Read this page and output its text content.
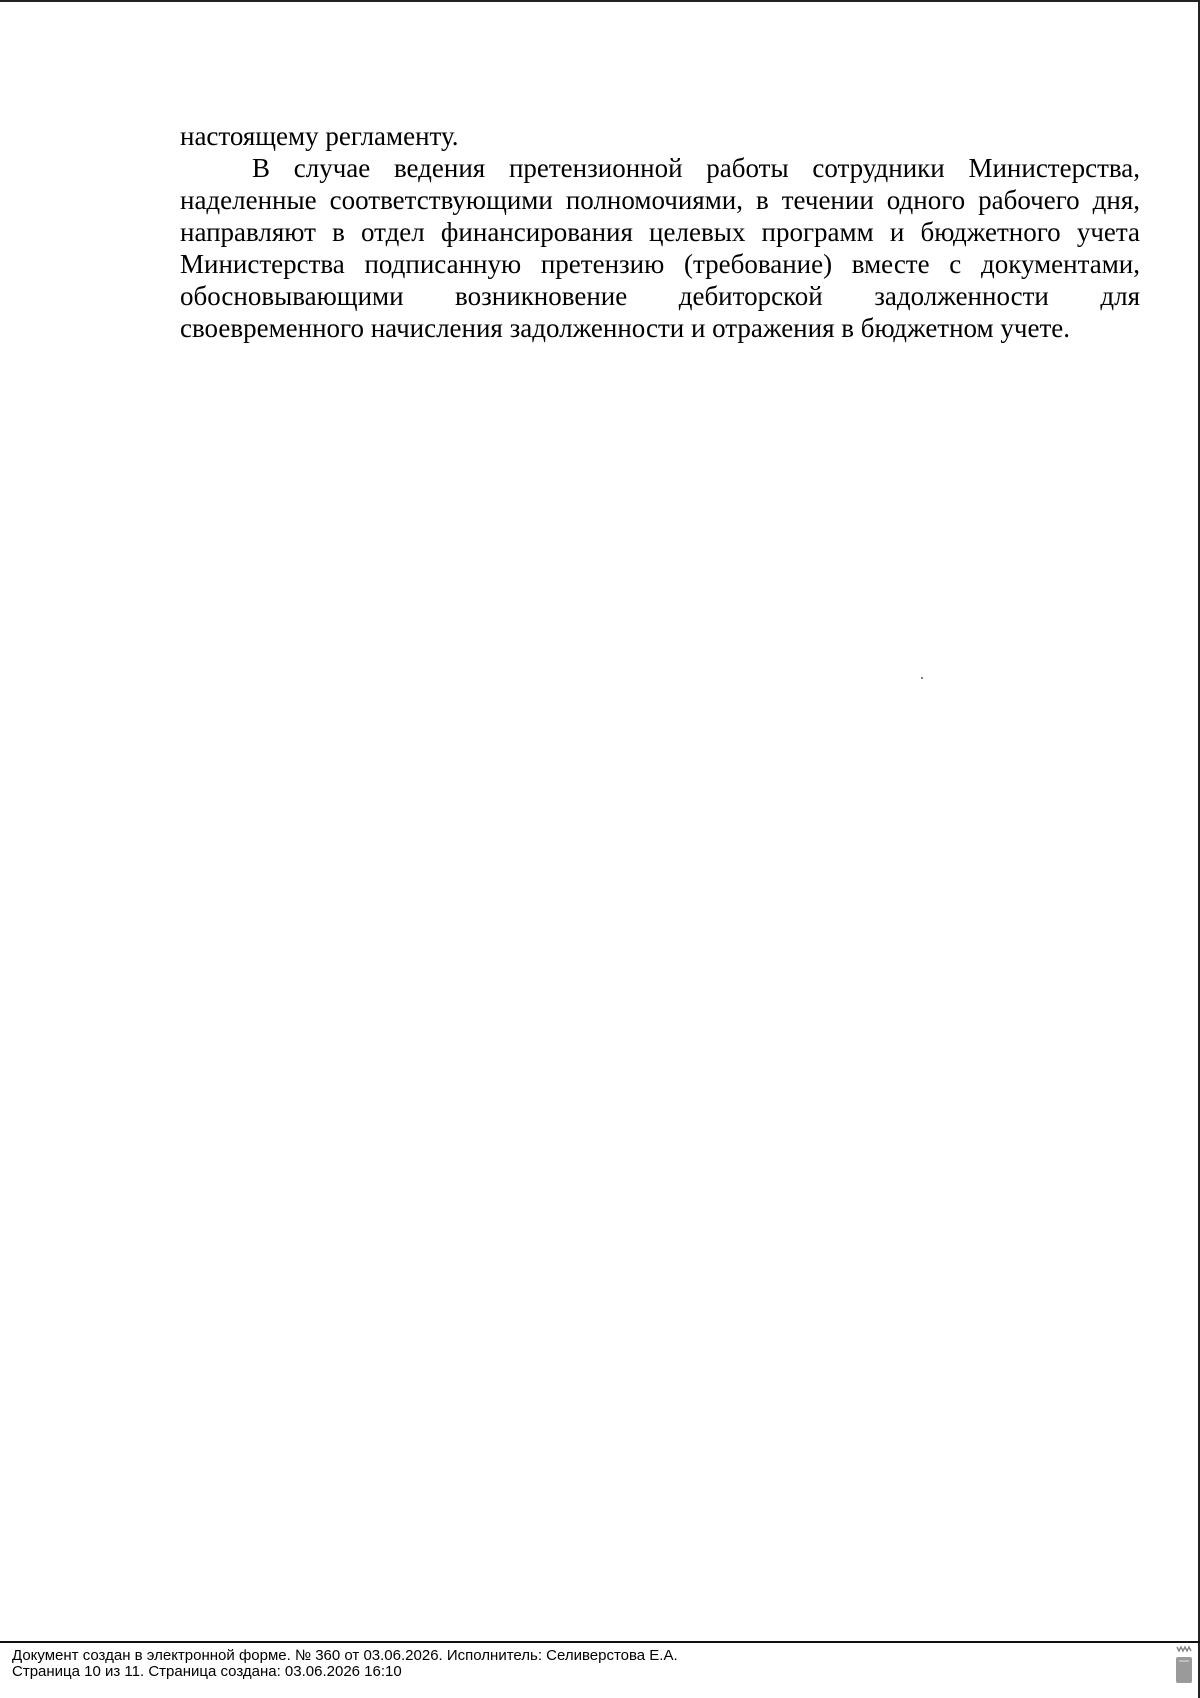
настоящему регламенту.

В случае ведения претензионной работы сотрудники Министерства, наделенные соответствующими полномочиями, в течении одного рабочего дня, направляют в отдел финансирования целевых программ и бюджетного учета Министерства подписанную претензию (требование) вместе с документами, обосновывающими возникновение дебиторской задолженности для своевременного начисления задолженности и отражения в бюджетном учете.

Документ создан в электронной форме. № 360 от 03.06.2026. Исполнитель: Селиверстова Е.А.
Страница 10 из 11. Страница создана: 03.06.2026 16:10
